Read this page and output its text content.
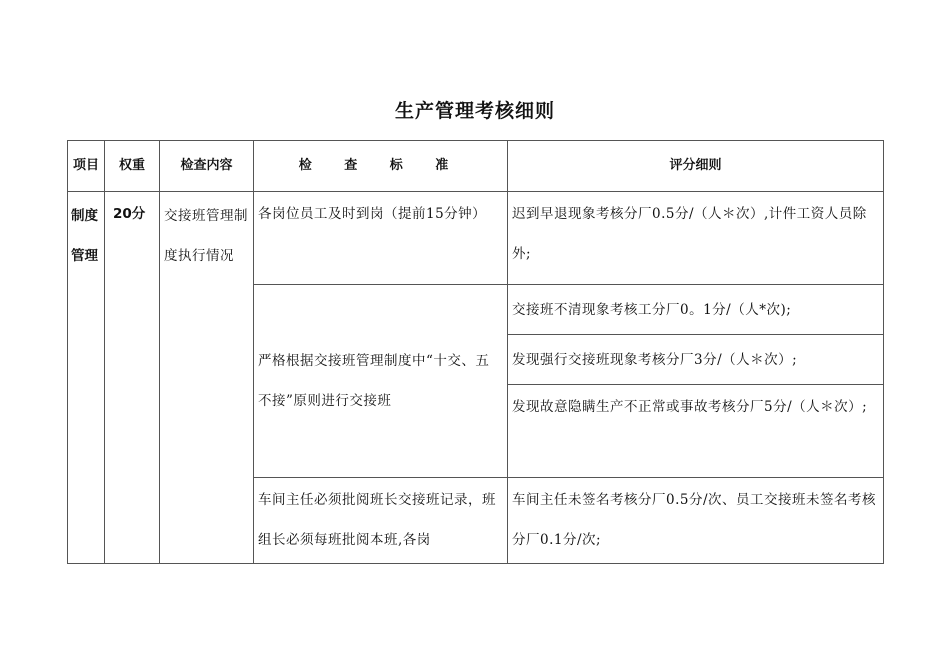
生产管理考核细则
项目	权重	检查内容	检 查 标 准	评分细则
制度管理	20分	交接班管理制度执行情况	各岗位员工及时到岗（提前15分钟）	迟到早退现象考核分厂0.5分/（人＊次）,计件工资人员除外;
			严格根据交接班管理制度中“十交、五不接”原则进行交接班	交接班不清现象考核工分厂0。1分/（人*次);
				发现强行交接班现象考核分厂3分/（人＊次）;
				发现故意隐瞒生产不正常或事故考核分厂5分/（人＊次）;
			车间主任必须批阅班长交接班记录，班组长必须每班批阅本班,各岗	车间主任未签名考核分厂0.5分/次、员工交接班未签名考核分厂0.1分/次;
